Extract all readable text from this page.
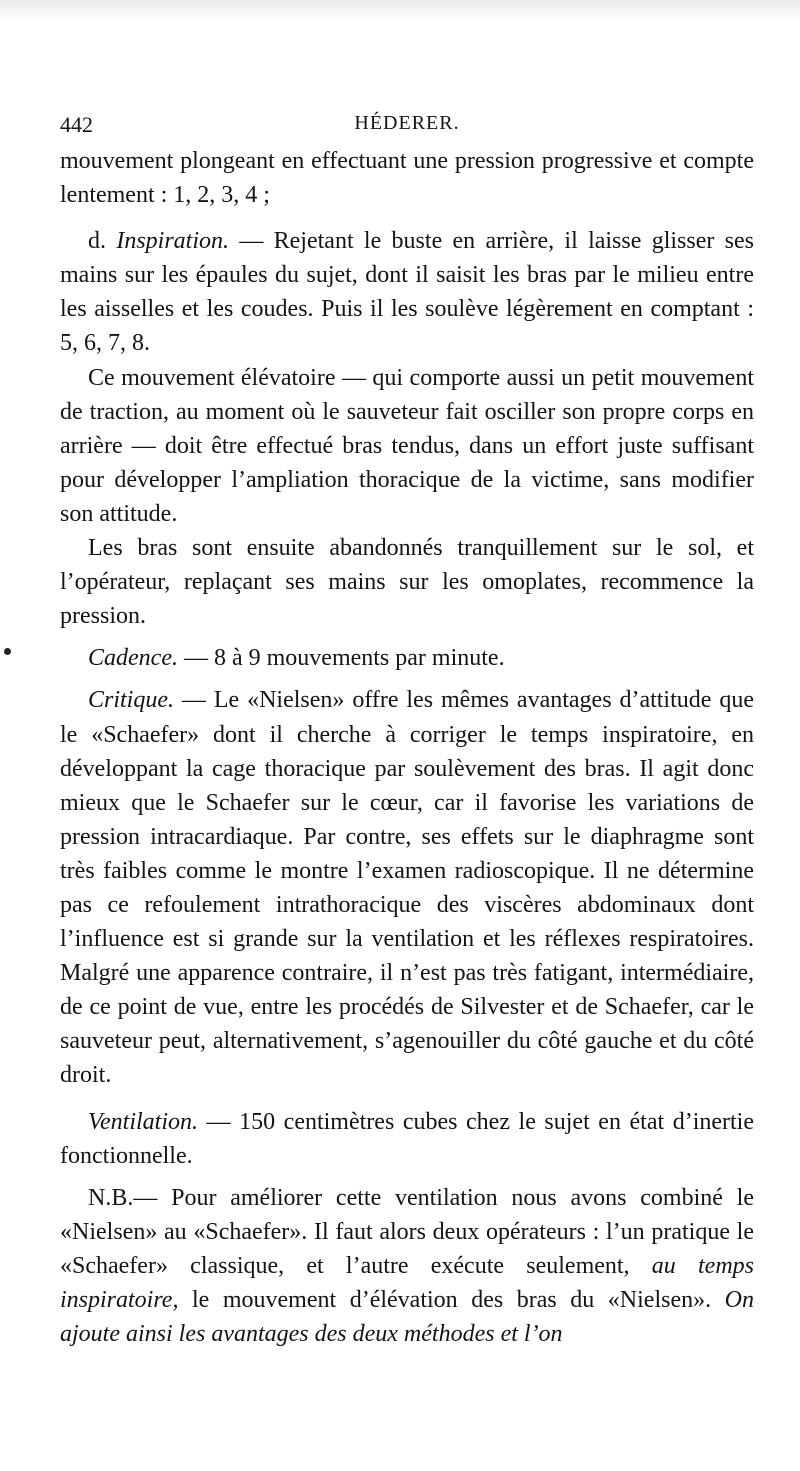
442	HÉDERER.

mouvement plongeant en effectuant une pression progressive et compte lentement : 1, 2, 3, 4 ;

d. Inspiration. — Rejetant le buste en arrière, il laisse glisser ses mains sur les épaules du sujet, dont il saisit les bras par le milieu entre les aisselles et les coudes. Puis il les soulève légèrement en comptant : 5, 6, 7, 8.

Ce mouvement élévatoire — qui comporte aussi un petit mouvement de traction, au moment où le sauveteur fait osciller son propre corps en arrière — doit être effectué bras tendus, dans un effort juste suffisant pour développer l’ampliation thoracique de la victime, sans modifier son attitude.

Les bras sont ensuite abandonnés tranquillement sur le sol, et l’opérateur, replaçant ses mains sur les omoplates, recommence la pression.

Cadence. — 8 à 9 mouvements par minute.

Critique. — Le «Nielsen» offre les mêmes avantages d’attitude que le «Schaefer» dont il cherche à corriger le temps inspiratoire, en développant la cage thoracique par soulèvement des bras. Il agit donc mieux que le Schaefer sur le cœur, car il favorise les variations de pression intracardiaque. Par contre, ses effets sur le diaphragme sont très faibles comme le montre l’examen radioscopique. Il ne détermine pas ce refoulement intrathoracique des viscères abdominaux dont l’influence est si grande sur la ventilation et les réflexes respiratoires. Malgré une apparence contraire, il n’est pas très fatigant, intermédiaire, de ce point de vue, entre les procédés de Silvester et de Schaefer, car le sauveteur peut, alternativement, s’agenouiller du côté gauche et du côté droit.

Ventilation. — 150 centimètres cubes chez le sujet en état d’inertie fonctionnelle.

N.B.— Pour améliorer cette ventilation nous avons combiné le «Nielsen» au «Schaefer». Il faut alors deux opérateurs : l’un pratique le «Schaefer» classique, et l’autre exécute seulement, au temps inspiratoire, le mouvement d’élévation des bras du «Nielsen». On ajoute ainsi les avantages des deux méthodes et l’on
